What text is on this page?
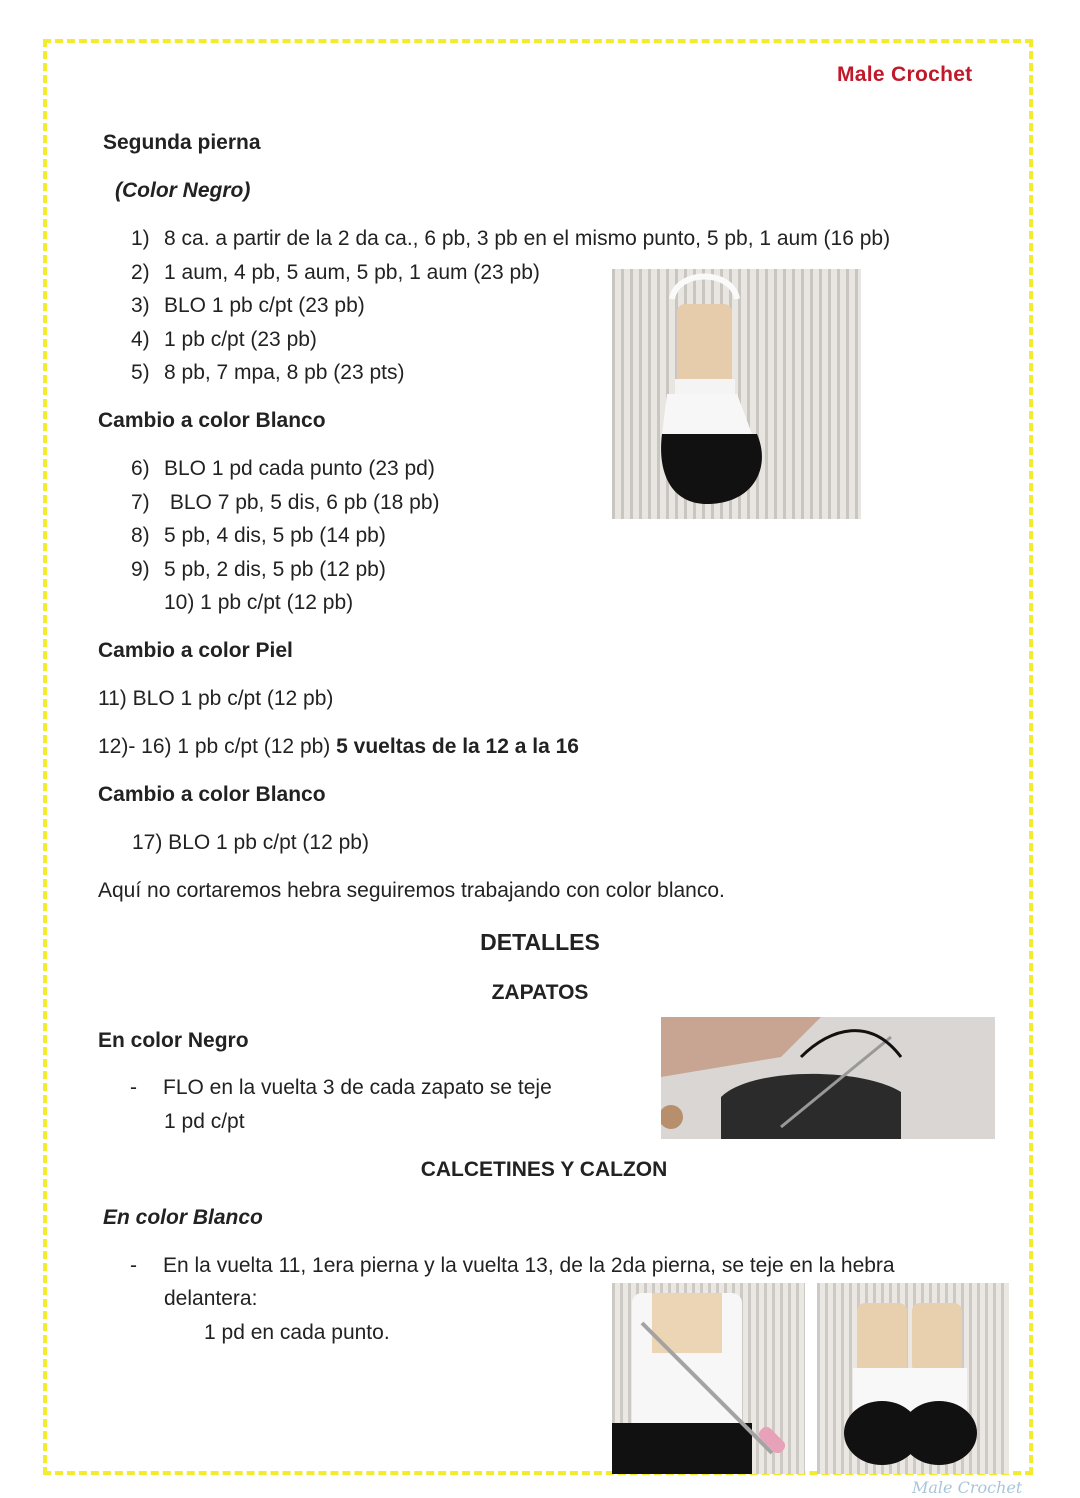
Male Crochet
Segunda pierna
(Color Negro)
1) 8 ca. a partir de la 2 da ca., 6 pb, 3 pb en el mismo punto, 5 pb, 1 aum (16 pb)
2) 1 aum, 4 pb, 5 aum, 5 pb, 1 aum (23 pb)
3) BLO 1 pb c/pt (23 pb)
4) 1 pb c/pt (23 pb)
5) 8 pb, 7 mpa, 8 pb (23 pts)
Cambio a color Blanco
6) BLO 1 pd cada punto (23 pd)
7) BLO 7 pb, 5 dis, 6 pb (18 pb)
8) 5 pb, 4 dis, 5 pb (14 pb)
9) 5 pb, 2 dis, 5 pb (12 pb)
10) 1 pb c/pt (12 pb)
Cambio a color Piel
11) BLO 1 pb c/pt (12 pb)
12)- 16) 1 pb c/pt (12 pb) 5 vueltas de la 12 a la 16
Cambio a color Blanco
17) BLO 1 pb c/pt (12 pb)
Aquí no cortaremos hebra seguiremos trabajando con color blanco.
DETALLES
ZAPATOS
En color Negro
- FLO en la vuelta 3 de cada zapato se teje
1 pd c/pt
CALCETINES Y CALZON
En color Blanco
- En la vuelta 11, 1era pierna y la vuelta 13, de la 2da pierna, se teje en la hebra
delantera:
1 pd en cada punto.
Male Crochet
